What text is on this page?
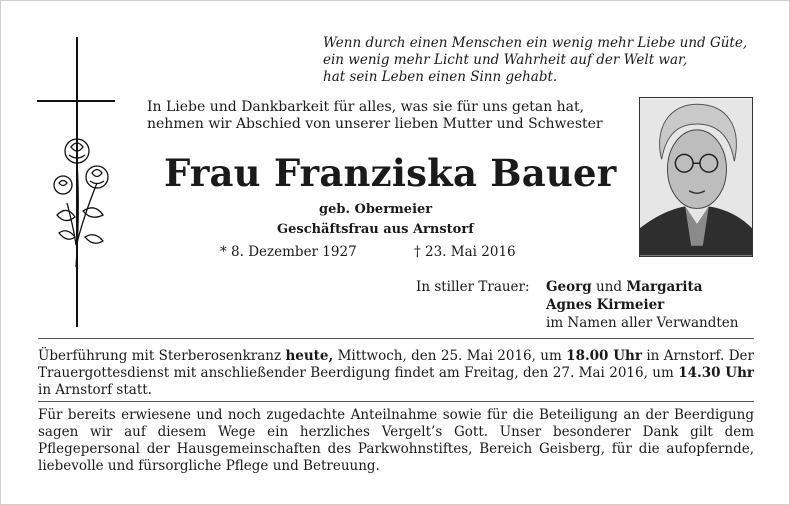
Wenn durch einen Menschen ein wenig mehr Liebe und Güte,
ein wenig mehr Licht und Wahrheit auf der Welt war,
hat sein Leben einen Sinn gehabt.
In Liebe und Dankbarkeit für alles, was sie für uns getan hat,
nehmen wir Abschied von unserer lieben Mutter und Schwester
Frau Franziska Bauer
geb. Obermeier
Geschäftsfrau aus Arnstorf
* 8. Dezember 1927	† 23. Mai 2016
In stiller Trauer: Georg und Margarita
Agnes Kirmeier
im Namen aller Verwandten
Überführung mit Sterberosenkranz heute, Mittwoch, den 25. Mai 2016, um 18.00 Uhr in Arnstorf. Der Trauergottesdienst mit anschließender Beerdigung findet am Freitag, den 27. Mai 2016, um 14.30 Uhr in Arnstorf statt.
Für bereits erwiesene und noch zugedachte Anteilnahme sowie für die Beteiligung an der Beerdigung sagen wir auf diesem Wege ein herzliches Vergelt’s Gott. Unser besonderer Dank gilt dem Pflegepersonal der Hausgemeinschaften des Parkwohnstiftes, Bereich Geisberg, für die aufopfernde, liebevolle und fürsorgliche Pflege und Betreuung.
